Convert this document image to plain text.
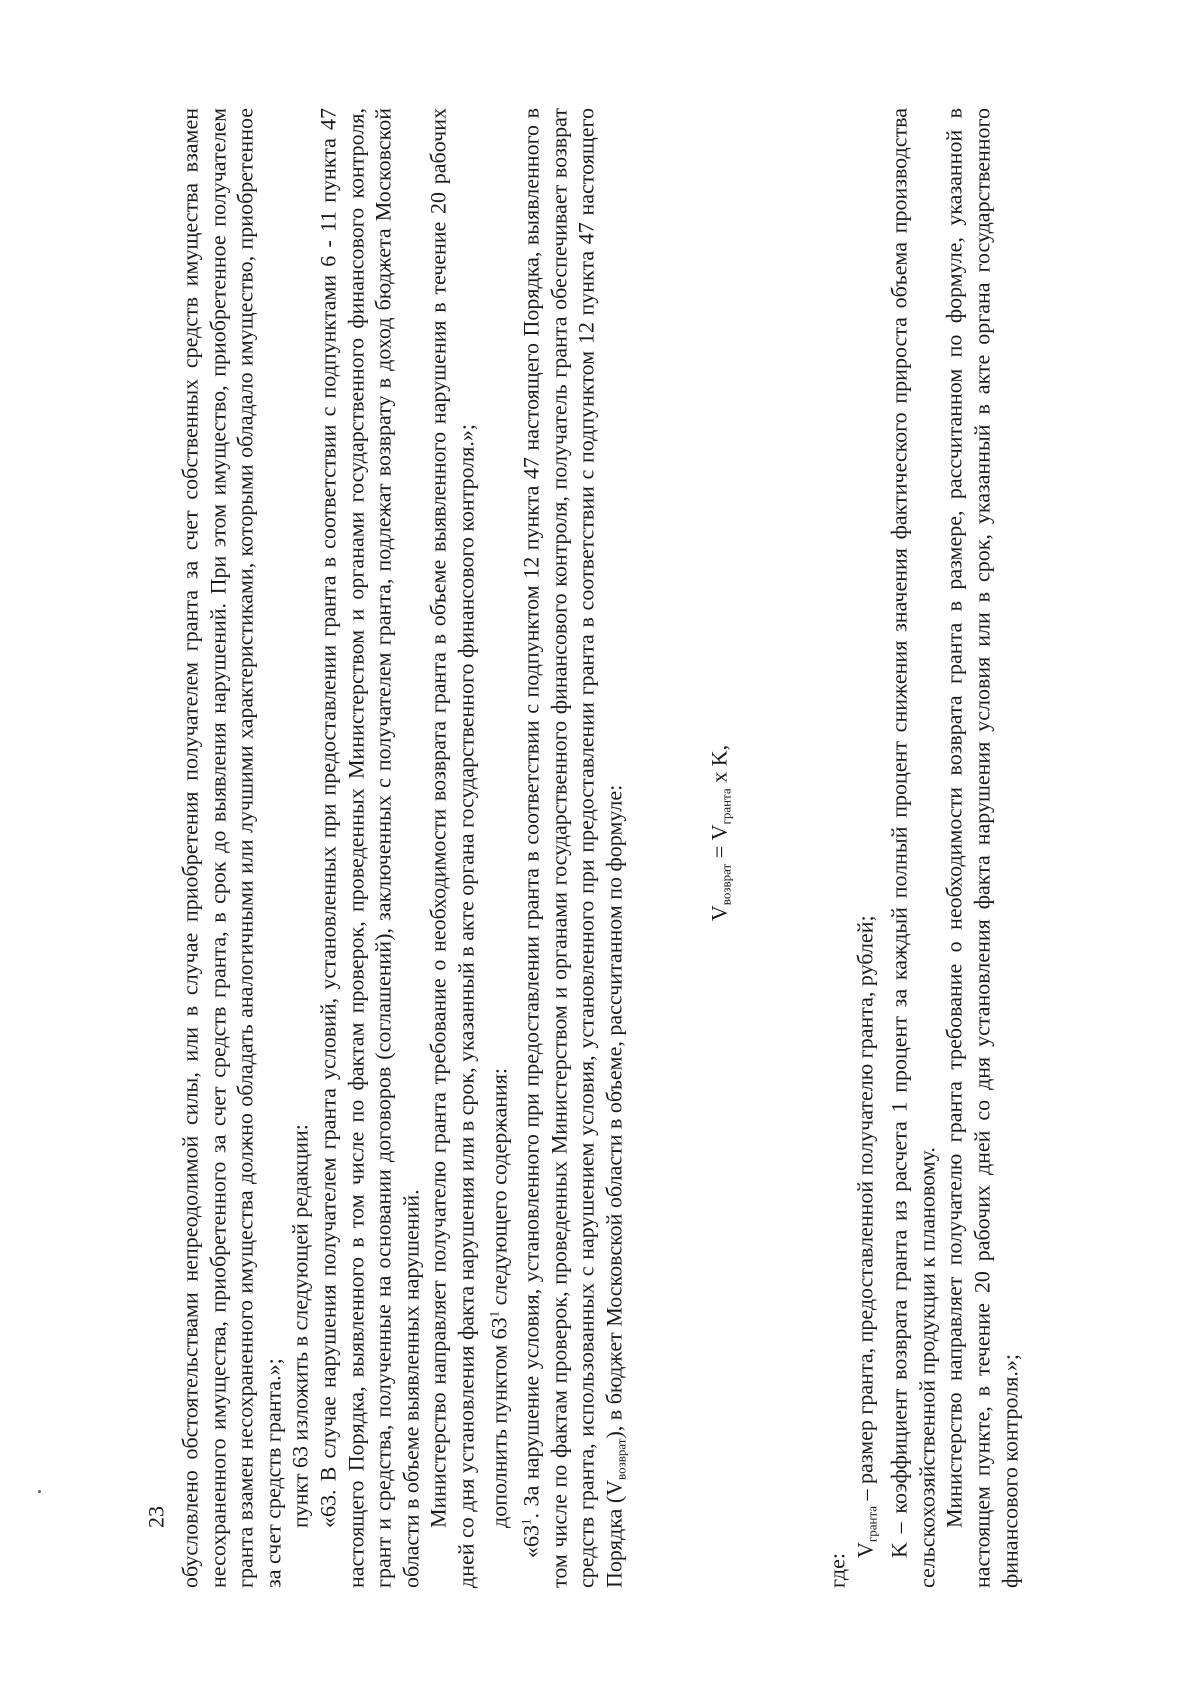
23 обусловлено обстоятельствами непреодолимой силы, или в случае приобретения получателем гранта за счет собственных средств имущества взамен несохраненного имущества, приобретенного за счет средств гранта, в срок до выявления нарушений. При этом имущество, приобретенное получателем гранта взамен несохраненного имущества должно обладать аналогичными или лучшими характеристиками, которыми обладало имущество, приобретенное за счет средств гранта.»; пункт 63 изложить в следующей редакции: «63. В случае нарушения получателем гранта условий, установленных при предоставлении гранта в соответствии с подпунктами 6 - 11 пункта 47 настоящего Порядка, выявленного в том числе по фактам проверок, проведенных Министерством и органами государственного финансового контроля, грант и средства, полученные на основании договоров (соглашений), заключенных с получателем гранта, подлежат возврату в доход бюджета Московской области в объеме выявленных нарушений. Министерство направляет получателю гранта требование о необходимости возврата гранта в объеме выявленного нарушения в течение 20 рабочих дней со дня установления факта нарушения или в срок, указанный в акте органа государственного финансового контроля.»; дополнить пунктом $63^1$ следующего содержания:

«$63^1$. За нарушение условия, установленного при предоставлении гранта в соответствии с подпунктом 12 пункта 47 настоящего Порядка, выявленного в том числе по фактам проверок, проведенных Министерством и органами государственного финансового контроля, получатель гранта обеспечивает возврат средств гранта, использованных с нарушением условия, установленного при предоставлении гранта в соответствии с подпунктом 12 пункта 47 настоящего Порядка $(V_{возврат})$, в бюджет Московской области в объеме, рассчитанном по формуле:	$V_{возврат} = V_{гранта}$ x K,

где:

$V_{гранта}$ – размер гранта, предоставленной получателю гранта, рублей; K – коэффициент возврата гранта из расчета 1 процент за каждый полный процент снижения значения фактического прироста объема производства сельскохозяйственной продукции к плановому. Министерство направляет получателю гранта требование о необходимости возврата гранта в размере, рассчитанном по формуле, указанной в настоящем пункте, в течение 20 рабочих дней со дня установления факта нарушения условия или в срок, указанный в акте органа государственного финансового контроля.»;
